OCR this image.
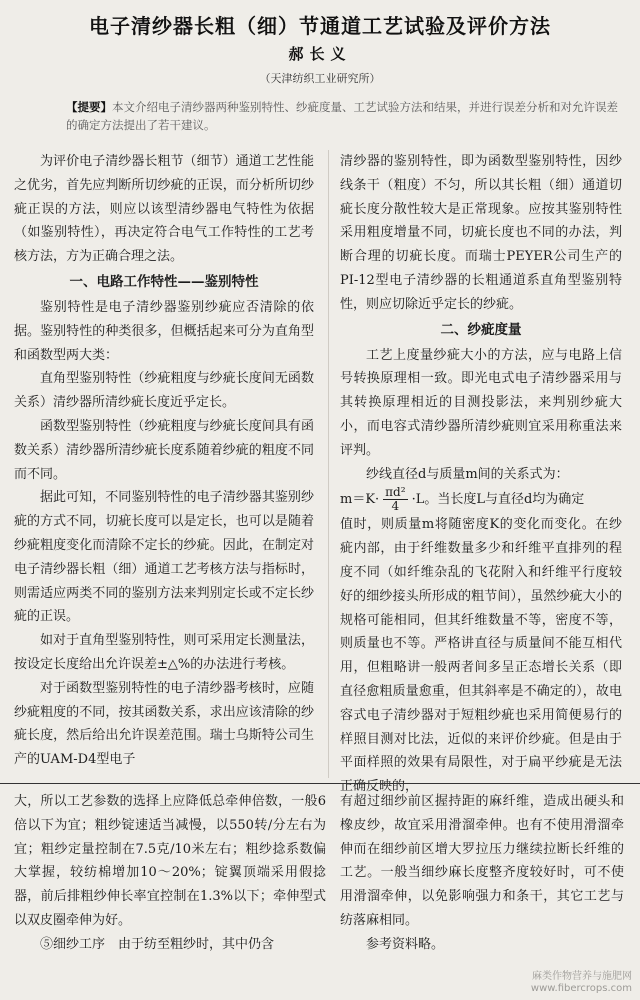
电子清纱器长粗（细）节通道工艺试验及评价方法
郝长义
（天津纺织工业研究所）
【提要】本文介绍电子清纱器两种鉴别特性、纱疵度量、工艺试验方法和结果，并进行误差分析和对允许误差的确定方法提出了若干建议。

为评价电子清纱器长粗节（细节）通道工艺性能之优劣，首先应判断所切纱疵的正误，而分析所切纱疵正误的方法，则应以该型清纱器电气特性为依据（如鉴别特性），再决定符合电气工作特性的工艺考核方法，方为正确合理之法。

一、电路工作特性——鉴别特性

鉴别特性是电子清纱器鉴别纱疵应否清除的依据。鉴别特性的种类很多，但概括起来可分为直角型和函数型两大类：

直角型鉴别特性（纱疵粗度与纱疵长度间无函数关系）清纱器所清纱疵长度近乎定长。

函数型鉴别特性（纱疵粗度与纱疵长度间具有函数关系）清纱器所清纱疵长度系随着纱疵的粗度不同而不同。

据此可知，不同鉴别特性的电子清纱器其鉴别纱疵的方式不同，切疵长度可以是定长，也可以是随着纱疵粗度变化而清除不定长的纱疵。因此，在制定对电子清纱器长粗（细）通道工艺考核方法与指标时，则需适应两类不同的鉴别方法来判别定长或不定长纱疵的正误。

如对于直角型鉴别特性，则可采用定长测量法，按设定长度给出允许误差±△%的办法进行考核。

对于函数型鉴别特性的电子清纱器考核时，应随纱疵粗度的不同，按其函数关系，求出应该清除的纱疵长度，然后给出允许误差范围。瑞士乌斯特公司生产的UAM-D4型电子

清纱器的鉴别特性，即为函数型鉴别特性，因纱线条干（粗度）不匀，所以其长粗（细）通道切疵长度分散性较大是正常现象。应按其鉴别特性采用粗度增量不同，切疵长度也不同的办法，判断合理的切疵长度。而瑞士PEYER公司生产的PI-12型电子清纱器的长粗通道系直角型鉴别特性，则应切除近乎定长的纱疵。

二、纱疵度量

工艺上度量纱疵大小的方法，应与电路上信号转换原理相一致。即光电式电子清纱器采用与其转换原理相近的目测投影法，来判别纱疵大小，而电容式清纱器所清纱疵则宜采用称重法来评判。

纱线直径d与质量m间的关系式为：

$m=K\cdot \frac{\text{πd²}}{4} \cdot L$。当长度L与直径d均为确定

值时，则质量m将随密度K的变化而变化。在纱疵内部，由于纤维数量多少和纤维平直排列的程度不同（如纤维杂乱的飞花附入和纤维平行度较好的细纱接头所形成的粗节间），虽然纱疵大小的规格可能相同，但其纤维数量不等，密度不等，则质量也不等。严格讲直径与质量间不能互相代用，但粗略讲一般两者间多呈正态增长关系（即直径愈粗质量愈重，但其斜率是不确定的），故电容式电子清纱器对于短粗纱疵也采用简便易行的样照目测对比法，近似的来评价纱疵。但是由于平面样照的效果有局限性，对于扁平纱疵是无法正确反映的，

大，所以工艺参数的选择上应降低总牵伸倍数，一般6倍以下为宜；粗纱锭速适当减慢，以550转/分左右为宜；粗纱定量控制在7.5克/10米左右；粗纱捻系数偏大掌握，较纺棉增加10～20%；锭翼顶端采用假捻器，前后排粗纱伸长率宜控制在1.3%以下；牵伸型式以双皮圈牵伸为好。

⑤细纱工序　由于纺至粗纱时，其中仍含

有超过细纱前区握持距的麻纤维，造成出硬头和橡皮纱，故宜采用滑溜牵伸。也有不使用滑溜牵伸而在细纱前区增大罗拉压力继续拉断长纤维的工艺。一般当细纱麻长度整齐度较好时，可不使用滑溜牵伸，以免影响强力和条干，其它工艺与纺落麻相同。

参考资料略。

麻类作物营养与施肥网
www.fibercrops.com
